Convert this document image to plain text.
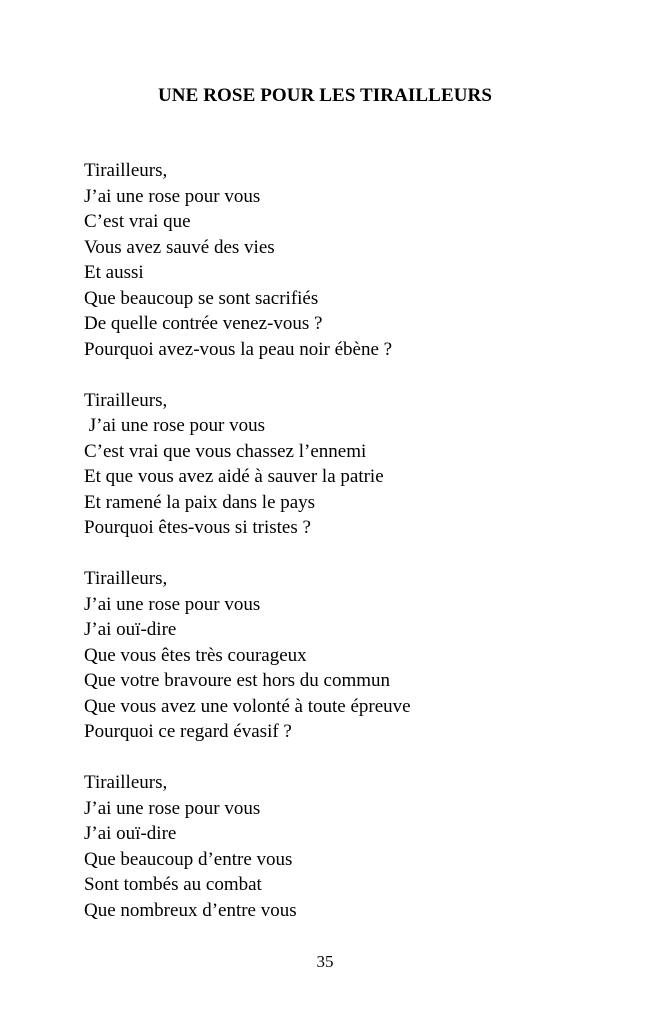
UNE ROSE POUR LES TIRAILLEURS
Tirailleurs,
J’ai une rose pour vous
C’est vrai que
Vous avez sauvé des vies
Et aussi
Que beaucoup se sont sacrifiés
De quelle contrée venez-vous ?
Pourquoi avez-vous la peau noir ébène ?
Tirailleurs,
J’ai une rose pour vous
C’est vrai que vous chassez l’ennemi
Et que vous avez aidé à sauver la patrie
Et ramené la paix dans le pays
Pourquoi êtes-vous si tristes ?
Tirailleurs,
J’ai une rose pour vous
J’ai ouï-dire
Que vous êtes très courageux
Que votre bravoure est hors du commun
Que vous avez une volonté à toute épreuve
Pourquoi ce regard évasif ?
Tirailleurs,
J’ai une rose pour vous
J’ai ouï-dire
Que beaucoup d’entre vous
Sont tombés au combat
Que nombreux d’entre vous
35
